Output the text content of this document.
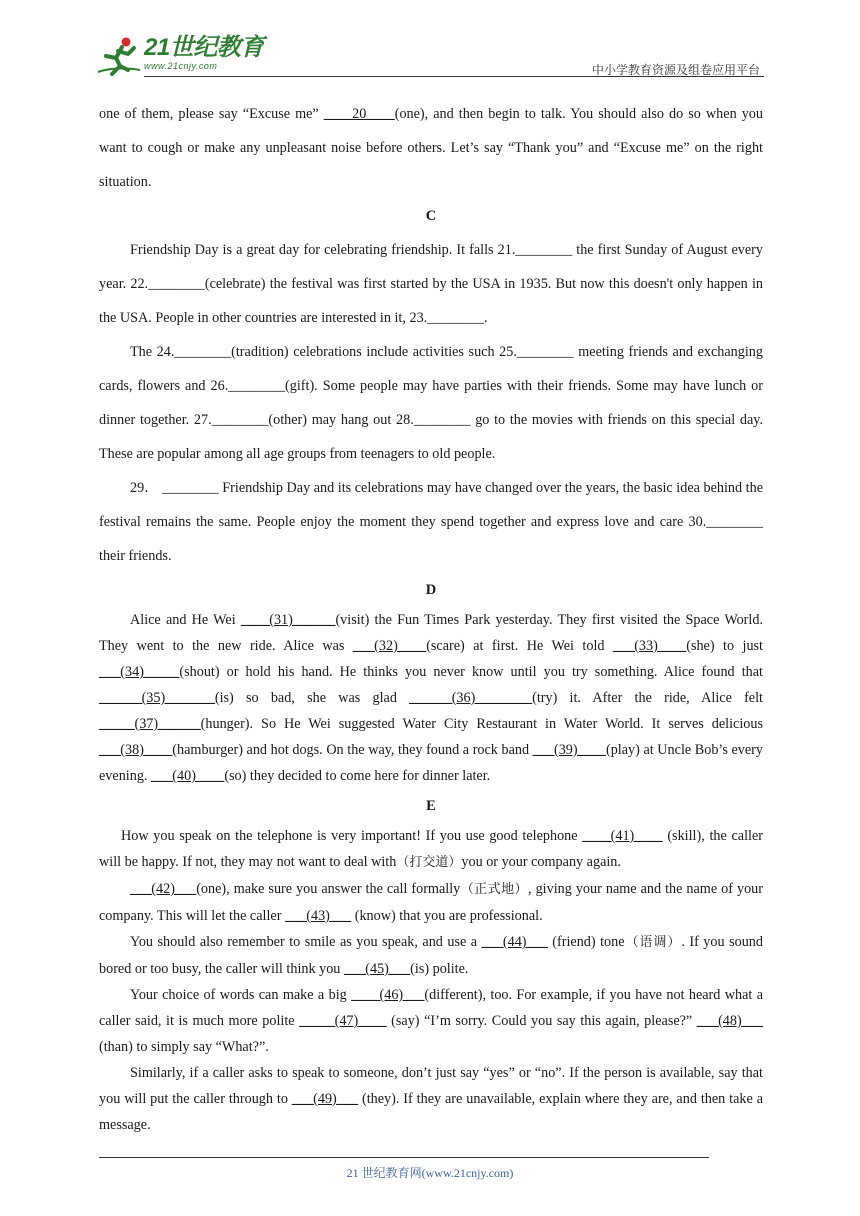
21世纪教育
www.21cnjy.com	中小学教育资源及组卷应用平台

one of them, please say “Excuse me” ____20____(one), and then begin to talk. You should also do so when you want to cough or make any unpleasant noise before others. Let’s say “Thank you” and “Excuse me” on the right situation.

C

Friendship Day is a great day for celebrating friendship. It falls 21.________ the first Sunday of August every year. 22.________(celebrate) the festival was first started by the USA in 1935. But now this doesn't only happen in the USA. People in other countries are interested in it, 23.________.

The 24.________(tradition) celebrations include activities such 25.________ meeting friends and exchanging cards, flowers and 26.________(gift). Some people may have parties with their friends. Some may have lunch or dinner together. 27.________(other) may hang out 28.________ go to the movies with friends on this special day. These are popular among all age groups from teenagers to old people.

29． ________ Friendship Day and its celebrations may have changed over the years, the basic idea behind the festival remains the same. People enjoy the moment they spend together and express love and care 30.________ their friends.

D

Alice and He Wei ____(31)______(visit) the Fun Times Park yesterday. They first visited the Space World. They went to the new ride. Alice was ___(32)____(scare) at first. He Wei told ___(33)____(she) to just ___(34)_____(shout) or hold his hand. He thinks you never know until you try something. Alice found that ______(35)_______(is) so bad, she was glad ______(36)________(try) it. After the ride, Alice felt _____(37)______(hunger). So He Wei suggested Water City Restaurant in Water World. It serves delicious ___(38)____(hamburger) and hot dogs. On the way, they found a rock band ___(39)____(play) at Uncle Bob’s every evening. ___(40)____(so) they decided to come here for dinner later.

E

How you speak on the telephone is very important! If you use good telephone ____(41)____ (skill), the caller will be happy. If not, they may not want to deal with（打交道）you or your company again.

___(42)___(one), make sure you answer the call formally（正式地）, giving your name and the name of your company. This will let the caller ___(43)___ (know) that you are professional.

You should also remember to smile as you speak, and use a ___(44)___ (friend) tone（语调）. If you sound bored or too busy, the caller will think you ___(45)___(is) polite.

Your choice of words can make a big ____(46)___(different), too. For example, if you have not heard what a caller said, it is much more polite _____(47)____ (say) “I’m sorry. Could you say this again, please?” ___(48)___ (than) to simply say “What?”.

Similarly, if a caller asks to speak to someone, don’t just say “yes” or “no”. If the person is available, say that you will put the caller through to ___(49)___ (they). If they are unavailable, explain where they are, and then take a message.

21 世纪教育网(www.21cnjy.com)
